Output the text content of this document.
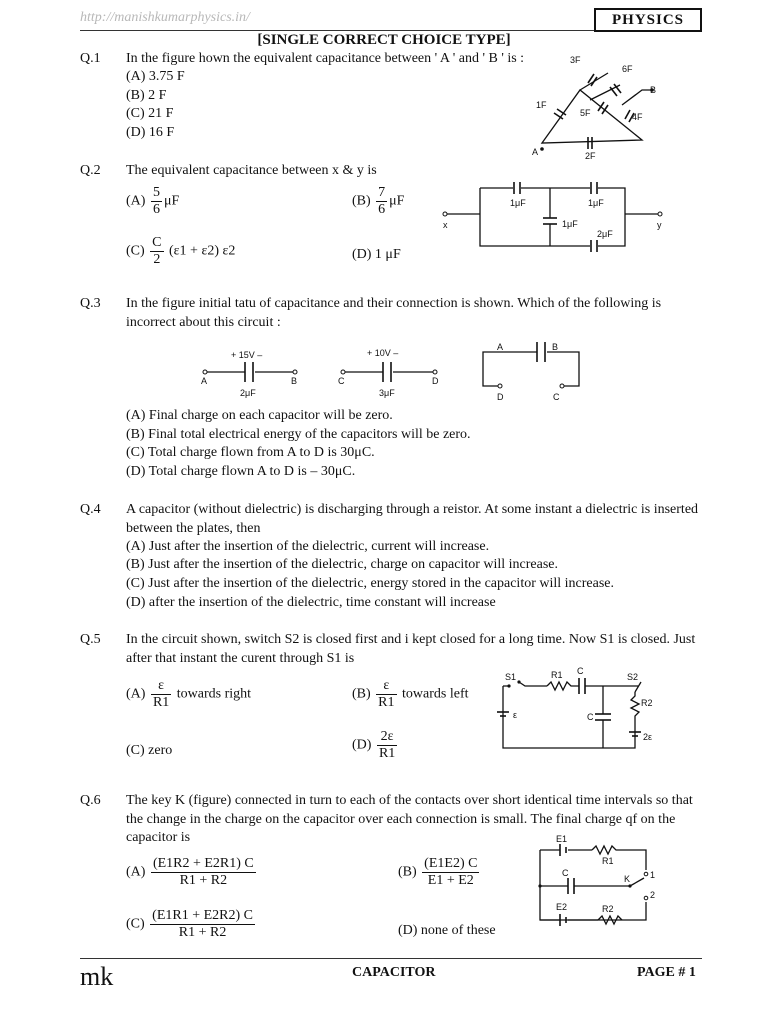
http://manishkumarphysics.in/	PHYSICS
[SINGLE CORRECT CHOICE TYPE]
Q.1 In the figure hown the equivalent capacitance between ' A ' and ' B ' is :
(A) 3.75 F
(B) 2 F
(C) 21 F
(D) 16 F
3F
6F
1F
5F	4F
2F
A
B
Q.2 The equivalent capacitance between x & y is
$(A) \frac{5}{6}$ μF	$(B) \frac{7}{6}$ μF
$(C) \frac{C}{2} (\varepsilon 1 + \varepsilon 2)$ ε2	(D) 1 μF
1μF	1μF
1μF
2μF
x	y
Q.3 In the figure initial tatu of capacitance and their connection is shown. Which of the following is incorrect about this circuit :
+ 15V –
2μF
+ 10V –
3μF
A	B	C	D
A	B
D	C
(A) Final charge on each capacitor will be zero.
(B) Final total electrical energy of the capacitors will be zero.
(C) Total charge flown from A to D is 30μC.
(D) Total charge flown A to D is – 30μC.
Q.4 A capacitor (without dielectric) is discharging through a reistor. At some instant a dielectric is inserted between the plates, then
(A) Just after the insertion of the dielectric, current will increase.
(B) Just after the insertion of the dielectric, charge on capacitor will increase.
(C) Just after the insertion of the dielectric, energy stored in the capacitor will increase.
(D) after the insertion of the dielectric, time constant will increase
Q.5 In the circuit shown, switch S2 is closed first and i kept closed for a long time. Now S1 is closed. Just after that instant the curent through S1 is
$(A) \frac{\varepsilon}{R1}$ towards right	$(B) \frac{\varepsilon}{R1}$ towards left
(C) zero	$(D) \frac{2\varepsilon}{R1}$
S1	R1 C
S2
C
R2
ε
2ε
Q.6 The key K (figure) connected in turn to each of the contacts over short identical time intervals so that the change in the charge on the capacitor over each connection is small. The final charge qf on the capacitor is
$(A) \frac{(E1R2 + E2R1) C}{R1 + R2}$	$(B) \frac{(E1E2) C}{E1 + E2}$
$(C) \frac{(E1R1 + E2R2) C}{R1 + R2}$	(D) none of these
E1
R1
C
K 1
2
E2	R2
mk	CAPACITOR	PAGE # 1
